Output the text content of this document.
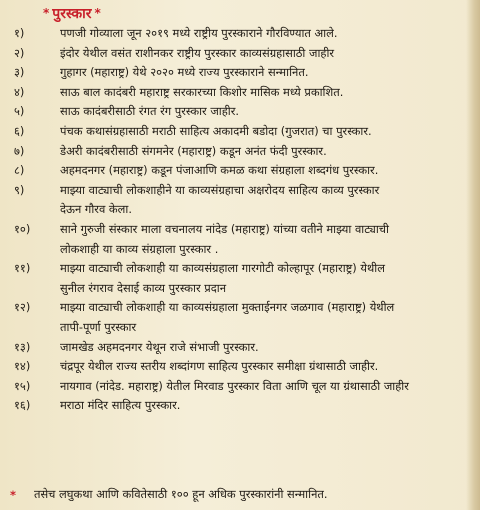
* पुरस्कार *
१)	पणजी गोव्याला जून २०१९ मध्ये राष्ट्रीय पुरस्काराने गौरविण्यात आले.
२)	इंदोर येथील वसंत राशीनकर राष्ट्रीय पुरस्कार काव्यसंग्रहासाठी जाहीर
३)	गुहागर (महाराष्ट्र) येथे २०२० मध्ये राज्य पुरस्काराने सन्मानित.
४)	साऊ बाल कादंबरी महाराष्ट्र सरकारच्या किशोर मासिक मध्ये प्रकाशित.
५)	साऊ कादंबरीसाठी रंगत रंग पुरस्कार जाहीर.
६)	पंचक कथासंग्रहासाठी मराठी साहित्य अकादमी बडोदा (गुजरात) चा पुरस्कार.
७)	डेअरी कादंबरीसाठी संगमनेर (महाराष्ट्र) कडून अनंत फंदी पुरस्कार.
८)	अहमदनगर (महाराष्ट्र) कडून पंजाआणि कमळ कथा संग्रहाला शब्दगंध पुरस्कार.
९)	माझ्या वाट्याची लोकशाहीने या काव्यसंग्रहाचा अक्षरोदय साहित्य काव्य पुरस्कार
देऊन गौरव केला.
१०)	साने गुरुजी संस्कार माला वचनालय नांदेड (महाराष्ट्र) यांच्या वतीने माझ्या वाट्याची
लोकशाही या काव्य संग्रहाला पुरस्कार .
११)	माझ्या वाट्याची लोकशाही या काव्यसंग्रहाला गारगोटी कोल्हापूर (महाराष्ट्र) येथील
सुनील रंगराव देसाई काव्य पुरस्कार प्रदान
१२)	माझ्या वाट्याची लोकशाही या काव्यसंग्रहाला मुक्ताईनगर जळगाव (महाराष्ट्र) येथील
तापी-पूर्णा पुरस्कार
१३)	जामखेड अहमदनगर येथून राजे संभाजी पुरस्कार.
१४)	चंद्रपूर येथील राज्य स्तरीय शब्दांगण साहित्य पुरस्कार समीक्षा ग्रंथासाठी जाहीर.
१५)	नायगाव (नांदेड. महाराष्ट्र) येतील मिरवाड पुरस्कार विता आणि चूल या ग्रंथासाठी जाहीर
१६)	मराठा मंदिर साहित्य पुरस्कार.
* तसेच लघुकथा आणि कवितेसाठी १०० हून अधिक पुरस्कारांनी सन्मानित.
